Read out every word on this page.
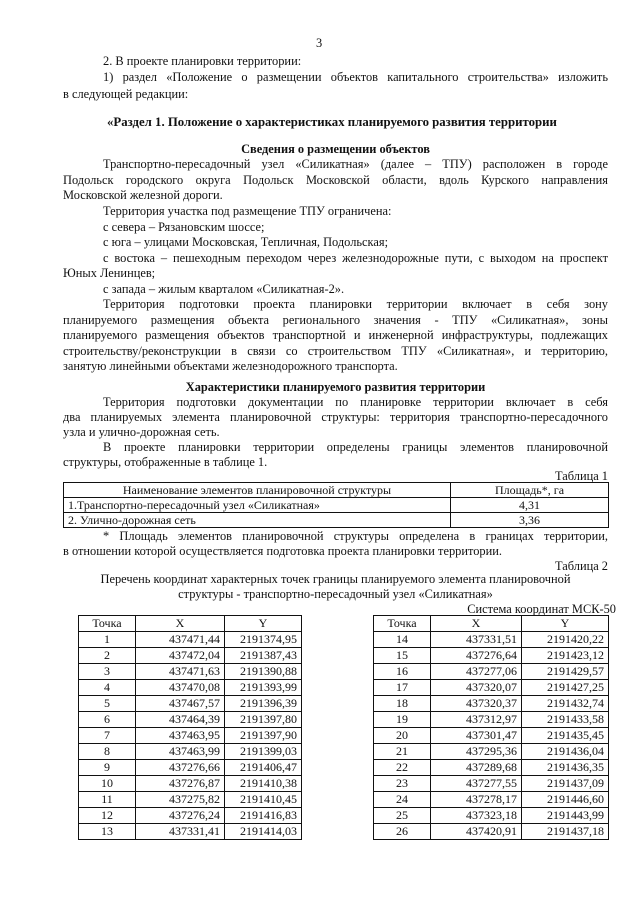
3
2. В проекте планировки территории:
1) раздел «Положение о размещении объектов капитального строительства» изложить
в следующей редакции:
«Раздел 1. Положение о характеристиках планируемого развития территории
Сведения о размещении объектов
Транспортно-пересадочный узел «Силикатная» (далее – ТПУ) расположен в городе
Подольск городского округа Подольск Московской области, вдоль Курского направления
Московской железной дороги.
Территория участка под размещение ТПУ ограничена:
с севера – Рязановским шоссе;
с юга – улицами Московская, Тепличная, Подольская;
с востока – пешеходным переходом через железнодорожные пути, с выходом на проспект
Юных Ленинцев;
с запада – жилым кварталом «Силикатная-2».
Территория подготовки проекта планировки территории включает в себя зону
планируемого размещения объекта регионального значения - ТПУ «Силикатная», зоны
планируемого размещения объектов транспортной и инженерной инфраструктуры, подлежащих
строительству/реконструкции в связи со строительством ТПУ «Силикатная», и территорию,
занятую линейными объектами железнодорожного транспорта.
Характеристики планируемого развития территории
Территория подготовки документации по планировке территории включает в себя
два планируемых элемента планировочной структуры: территория транспортно-пересадочного
узла и улично-дорожная сеть.
В проекте планировки территории определены границы элементов планировочной
структуры, отображенные в таблице 1.
Таблица 1
Наименование элементов планировочной структуры	Площадь*, га
1.Транспортно-пересадочный узел «Силикатная»	4,31
2. Улично-дорожная сеть	3,36
* Площадь элементов планировочной структуры определена в границах территории,
в отношении которой осуществляется подготовка проекта планировки территории.
Таблица 2
Перечень координат характерных точек границы планируемого элемента планировочной
структуры - транспортно-пересадочный узел «Силикатная»
Система координат МСК-50
Точка	X	Y
1	437471,44	2191374,95
2	437472,04	2191387,43
3	437471,63	2191390,88
4	437470,08	2191393,99
5	437467,57	2191396,39
6	437464,39	2191397,80
7	437463,95	2191397,90
8	437463,99	2191399,03
9	437276,66	2191406,47
10	437276,87	2191410,38
11	437275,82	2191410,45
12	437276,24	2191416,83
13	437331,41	2191414,03
Точка	X	Y
14	437331,51	2191420,22
15	437276,64	2191423,12
16	437277,06	2191429,57
17	437320,07	2191427,25
18	437320,37	2191432,74
19	437312,97	2191433,58
20	437301,47	2191435,45
21	437295,36	2191436,04
22	437289,68	2191436,35
23	437277,55	2191437,09
24	437278,17	2191446,60
25	437323,18	2191443,99
26	437420,91	2191437,18
